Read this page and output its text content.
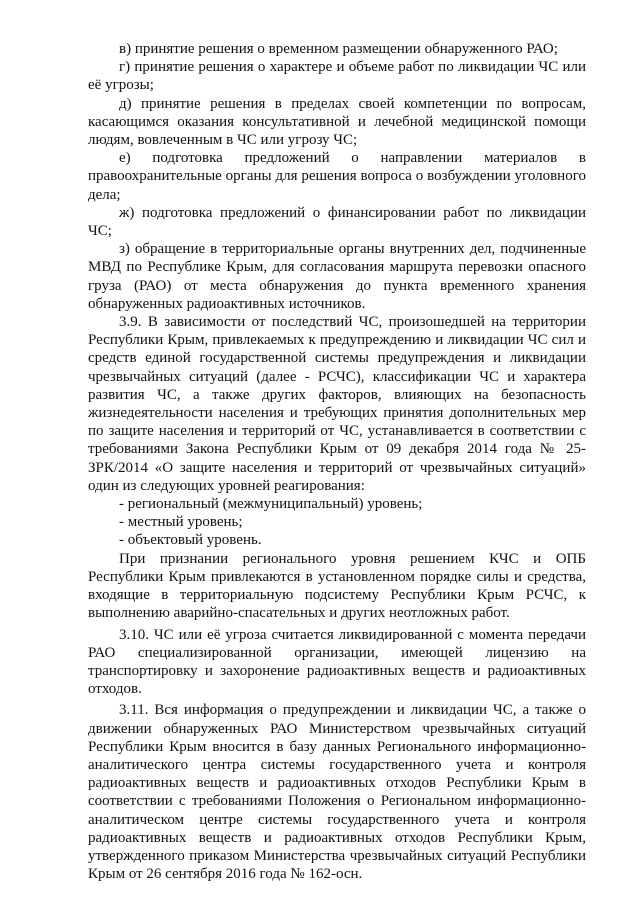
в) принятие решения о временном размещении обнаруженного РАО;

г) принятие решения о характере и объеме работ по ликвидации ЧС или её угрозы;

д) принятие решения в пределах своей компетенции по вопросам, касающимся оказания консультативной и лечебной медицинской помощи людям, вовлеченным в ЧС или угрозу ЧС;

е) подготовка предложений о направлении материалов в правоохранительные органы для решения вопроса о возбуждении уголовного дела;

ж) подготовка предложений о финансировании работ по ликвидации ЧС;

з) обращение в территориальные органы внутренних дел, подчиненные МВД по Республике Крым, для согласования маршрута перевозки опасного груза (РАО) от места обнаружения до пункта временного хранения обнаруженных радиоактивных источников.

3.9. В зависимости от последствий ЧС, произошедшей на территории Республики Крым, привлекаемых к предупреждению и ликвидации ЧС сил и средств единой государственной системы предупреждения и ликвидации чрезвычайных ситуаций (далее - РСЧС), классификации ЧС и характера развития ЧС, а также других факторов, влияющих на безопасность жизнедеятельности населения и требующих принятия дополнительных мер по защите населения и территорий от ЧС, устанавливается в соответствии с требованиями Закона Республики Крым от 09 декабря 2014 года № 25-ЗРК/2014 «О защите населения и территорий от чрезвычайных ситуаций» один из следующих уровней реагирования:

- региональный (межмуниципальный) уровень;

- местный уровень;

- объектовый уровень.

При признании регионального уровня решением КЧС и ОПБ Республики Крым привлекаются в установленном порядке силы и средства, входящие в территориальную подсистему Республики Крым РСЧС, к выполнению аварийно-спасательных и других неотложных работ.

3.10. ЧС или её угроза считается ликвидированной с момента передачи РАО специализированной организации, имеющей лицензию на транспортировку и захоронение радиоактивных веществ и радиоактивных отходов.

3.11. Вся информация о предупреждении и ликвидации ЧС, а также о движении обнаруженных РАО Министерством чрезвычайных ситуаций Республики Крым вносится в базу данных Регионального информационно-аналитического центра системы государственного учета и контроля радиоактивных веществ и радиоактивных отходов Республики Крым в соответствии с требованиями Положения о Региональном информационно-аналитическом центре системы государственного учета и контроля радиоактивных веществ и радиоактивных отходов Республики Крым, утвержденного приказом Министерства чрезвычайных ситуаций Республики Крым от 26 сентября 2016 года № 162-осн.
